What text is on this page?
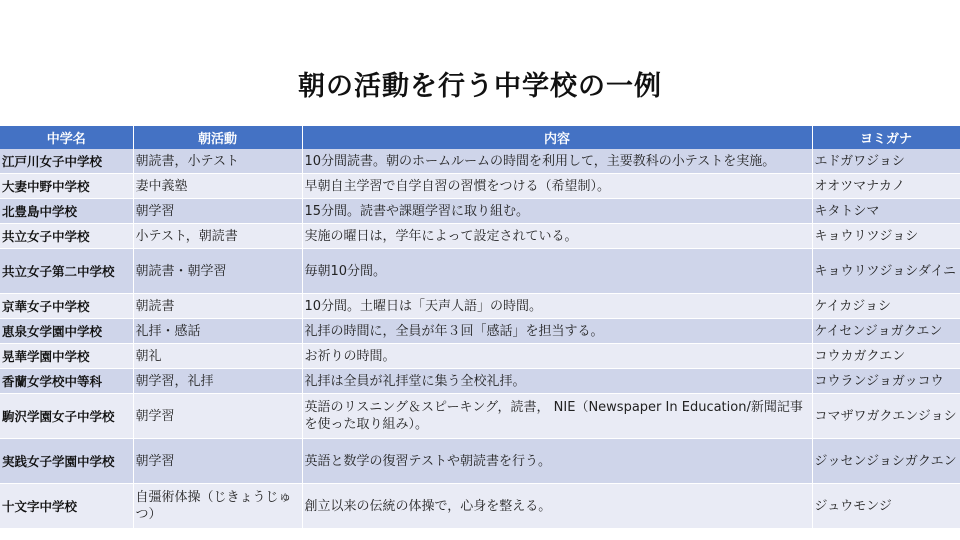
朝の活動を行う中学校の一例
中学名	朝活動	内容	ヨミガナ
江戸川女子中学校	朝読書，小テスト	10分間読書。朝のホームルームの時間を利用して，主要教科の小テストを実施。	エドガワジョシ
大妻中野中学校	妻中義塾	早朝自主学習で自学自習の習慣をつける（希望制）。	オオツマナカノ
北豊島中学校	朝学習	15分間。読書や課題学習に取り組む。	キタトシマ
共立女子中学校	小テスト，朝読書	実施の曜日は，学年によって設定されている。	キョウリツジョシ
共立女子第二中学校	朝読書・朝学習	毎朝10分間。	キョウリツジョシダイニ
京華女子中学校	朝読書	10分間。土曜日は「天声人語」の時間。	ケイカジョシ
恵泉女学園中学校	礼拝・感話	礼拝の時間に，全員が年３回「感話」を担当する。	ケイセンジョガクエン
晃華学園中学校	朝礼	お祈りの時間。	コウカガクエン
香蘭女学校中等科	朝学習，礼拝	礼拝は全員が礼拝堂に集う全校礼拝。	コウランジョガッコウ
駒沢学園女子中学校	朝学習	英語のリスニング＆スピーキング，読書， NIE（Newspaper In Education/新聞記事を使った取り組み）。	コマザワガクエンジョシ
実践女子学園中学校	朝学習	英語と数学の復習テストや朝読書を行う。	ジッセンジョシガクエン
十文字中学校	自彊術体操（じきょうじゅつ）	創立以来の伝統の体操で，心身を整える。	ジュウモンジ
